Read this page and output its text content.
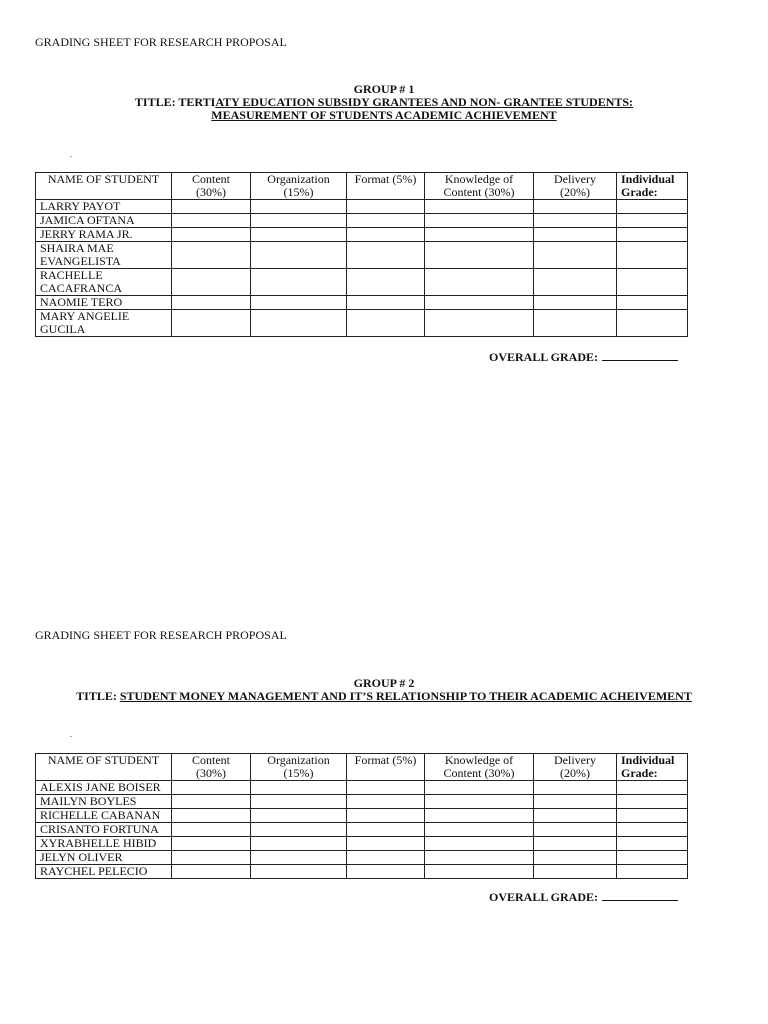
GRADING SHEET FOR RESEARCH PROPOSAL
GROUP # 1
TITLE: TERTIATY EDUCATION SUBSIDY GRANTEES AND NON- GRANTEE STUDENTS:
MEASUREMENT OF STUDENTS ACADEMIC ACHIEVEMENT
.
NAME OF STUDENT	Content (30%)	Organization (15%)	Format (5%)	Knowledge of Content (30%)	Delivery (20%)	Individual Grade:
LARRY PAYOT						
JAMICA OFTANA						
JERRY RAMA JR.						
SHAIRA MAE EVANGELISTA						
RACHELLE CACAFRANCA						
NAOMIE TERO						
MARY ANGELIE GUCILA						
OVERALL GRADE:
GRADING SHEET FOR RESEARCH PROPOSAL
GROUP # 2
TITLE: STUDENT MONEY MANAGEMENT AND IT’S RELATIONSHIP TO THEIR ACADEMIC ACHEIVEMENT
.
NAME OF STUDENT	Content (30%)	Organization (15%)	Format (5%)	Knowledge of Content (30%)	Delivery (20%)	Individual Grade:
ALEXIS JANE BOISER						
MAILYN BOYLES						
RICHELLE CABANAN						
CRISANTO FORTUNA						
XYRABHELLE HIBID						
JELYN OLIVER						
RAYCHEL PELECIO						
OVERALL GRADE:
